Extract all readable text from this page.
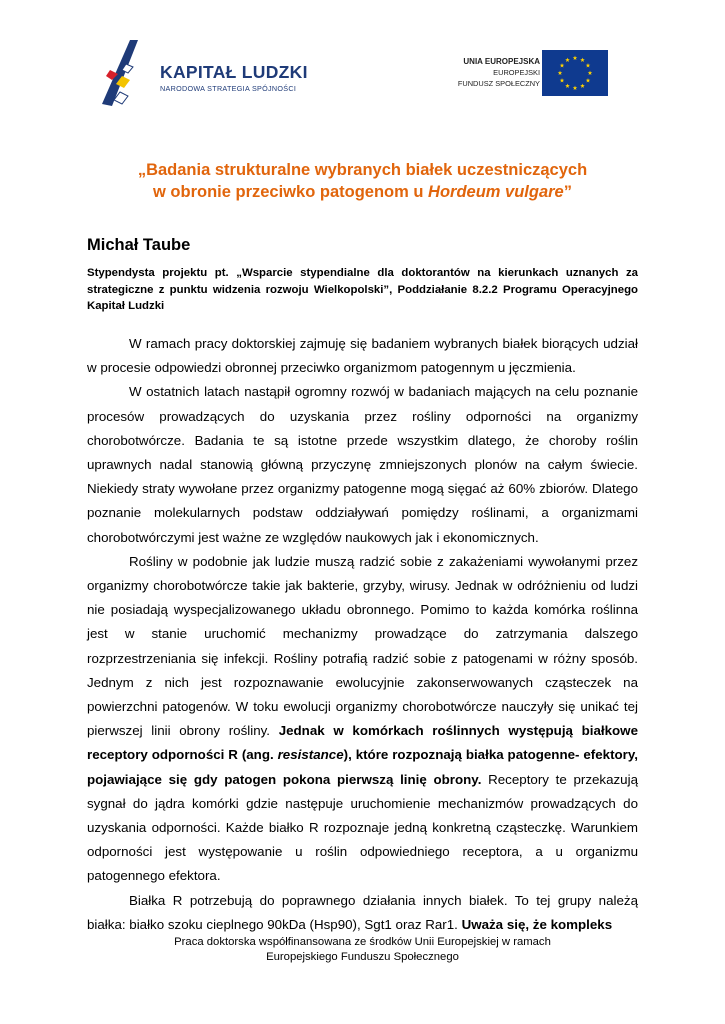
KAPITAŁ LUDZKI
NARODOWA STRATEGIA SPÓJNOŚCI
UNIA EUROPEJSKA
EUROPEJSKI
FUNDUSZ SPOŁECZNY
„Badania strukturalne wybranych białek uczestniczących
w obronie przeciwko patogenom u Hordeum vulgare”
Michał Taube
Stypendysta projektu pt. „Wsparcie stypendialne dla doktorantów na kierunkach uznanych za strategiczne z punktu widzenia rozwoju Wielkopolski”, Poddziałanie 8.2.2 Programu Operacyjnego Kapitał Ludzki

W ramach pracy doktorskiej zajmuję się badaniem wybranych białek biorących udział w procesie odpowiedzi obronnej przeciwko organizmom patogennym u jęczmienia.

W ostatnich latach nastąpił ogromny rozwój w badaniach mających na celu poznanie procesów prowadzących do uzyskania przez rośliny odporności na organizmy chorobotwórcze. Badania te są istotne przede wszystkim dlatego, że choroby roślin uprawnych nadal stanowią główną przyczynę zmniejszonych plonów na całym świecie. Niekiedy straty wywołane przez organizmy patogenne mogą sięgać aż 60% zbiorów. Dlatego poznanie molekularnych podstaw oddziaływań pomiędzy roślinami, a organizmami chorobotwórczymi jest ważne ze względów naukowych jak i ekonomicznych.

Rośliny w podobnie jak ludzie muszą radzić sobie z zakażeniami wywołanymi przez organizmy chorobotwórcze takie jak bakterie, grzyby, wirusy. Jednak w odróżnieniu od ludzi nie posiadają wyspecjalizowanego układu obronnego. Pomimo to każda komórka roślinna jest w stanie uruchomić mechanizmy prowadzące do zatrzymania dalszego rozprzestrzeniania się infekcji. Rośliny potrafią radzić sobie z patogenami w różny sposób. Jednym z nich jest rozpoznawanie ewolucyjnie zakonserwowanych cząsteczek na powierzchni patogenów. W toku ewolucji organizmy chorobotwórcze nauczyły się unikać tej pierwszej linii obrony rośliny. Jednak w komórkach roślinnych występują białkowe receptory odporności R (ang. resistance), które rozpoznają białka patogenne- efektory, pojawiające się gdy patogen pokona pierwszą linię obrony. Receptory te przekazują sygnał do jądra komórki gdzie następuje uruchomienie mechanizmów prowadzących do uzyskania odporności. Każde białko R rozpoznaje jedną konkretną cząsteczkę. Warunkiem odporności jest występowanie u roślin odpowiedniego receptora, a u organizmu patogennego efektora.

Białka R potrzebują do poprawnego działania innych białek. To tej grupy należą białka: białko szoku cieplnego 90kDa (Hsp90), Sgt1 oraz Rar1. Uważa się, że kompleks

Praca doktorska współfinansowana ze środków Unii Europejskiej w ramach
Europejskiego Funduszu Społecznego
